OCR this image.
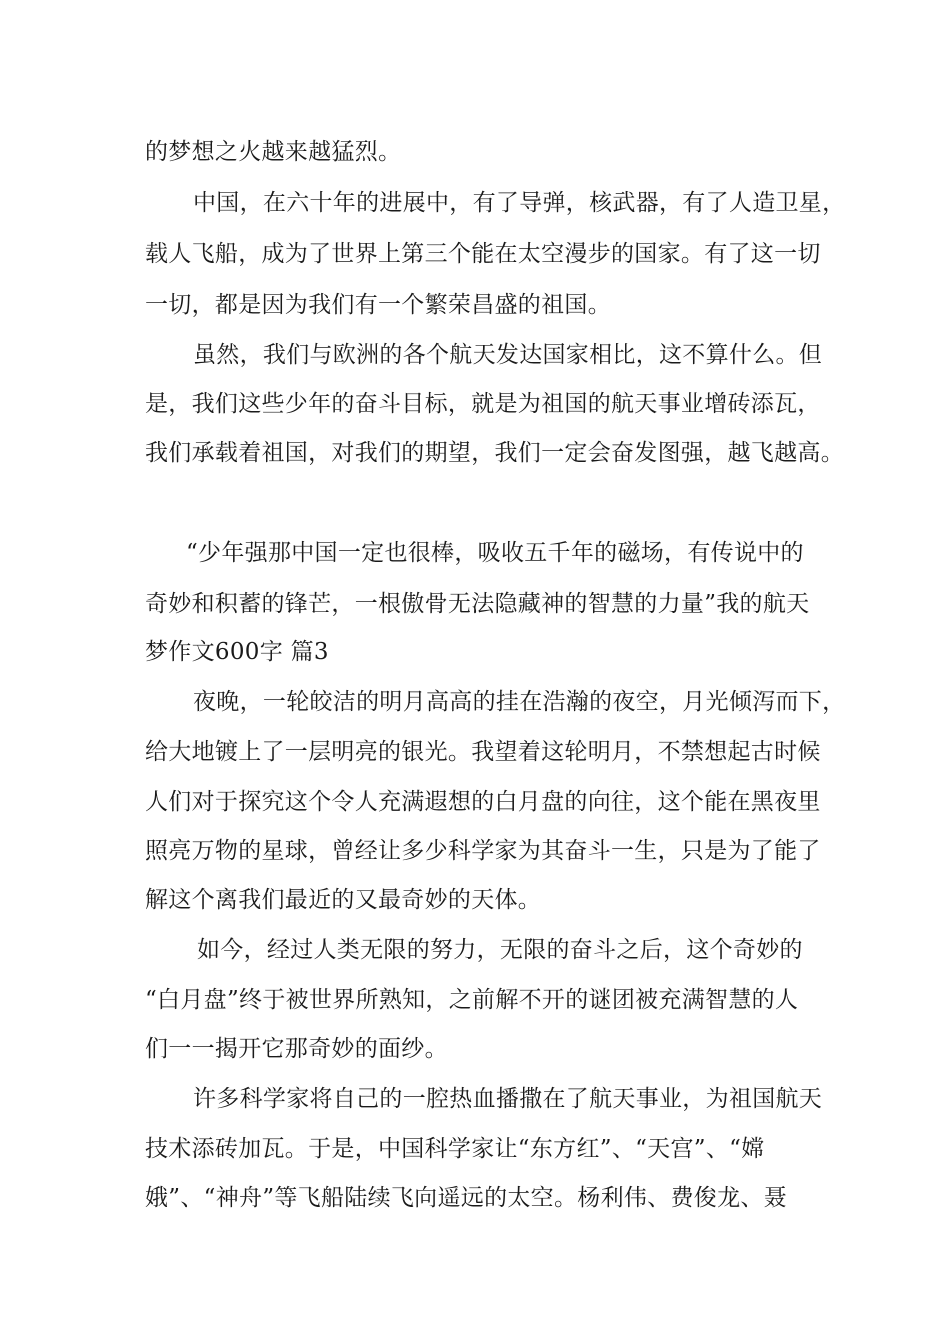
的梦想之火越来越猛烈。
中国，在六十年的进展中，有了导弹，核武器，有了人造卫星，
载人飞船，成为了世界上第三个能在太空漫步的国家。有了这一切
一切，都是因为我们有一个繁荣昌盛的祖国。
虽然，我们与欧洲的各个航天发达国家相比，这不算什么。但
是，我们这些少年的奋斗目标，就是为祖国的航天事业增砖添瓦，
我们承载着祖国，对我们的期望，我们一定会奋发图强，越飞越高。
“少年强那中国一定也很棒，吸收五千年的磁场，有传说中的
奇妙和积蓄的锋芒，一根傲骨无法隐藏神的智慧的力量”我的航天
梦作文600字 篇3
夜晚，一轮皎洁的明月高高的挂在浩瀚的夜空，月光倾泻而下，
给大地镀上了一层明亮的银光。我望着这轮明月，不禁想起古时候
人们对于探究这个令人充满遐想的白月盘的向往，这个能在黑夜里
照亮万物的星球，曾经让多少科学家为其奋斗一生，只是为了能了
解这个离我们最近的又最奇妙的天体。
如今，经过人类无限的努力，无限的奋斗之后，这个奇妙的
“白月盘”终于被世界所熟知，之前解不开的谜团被充满智慧的人
们一一揭开它那奇妙的面纱。
许多科学家将自己的一腔热血播撒在了航天事业，为祖国航天
技术添砖加瓦。于是，中国科学家让“东方红”、“天宫”、“嫦
娥”、“神舟”等飞船陆续飞向遥远的太空。杨利伟、费俊龙、聂
